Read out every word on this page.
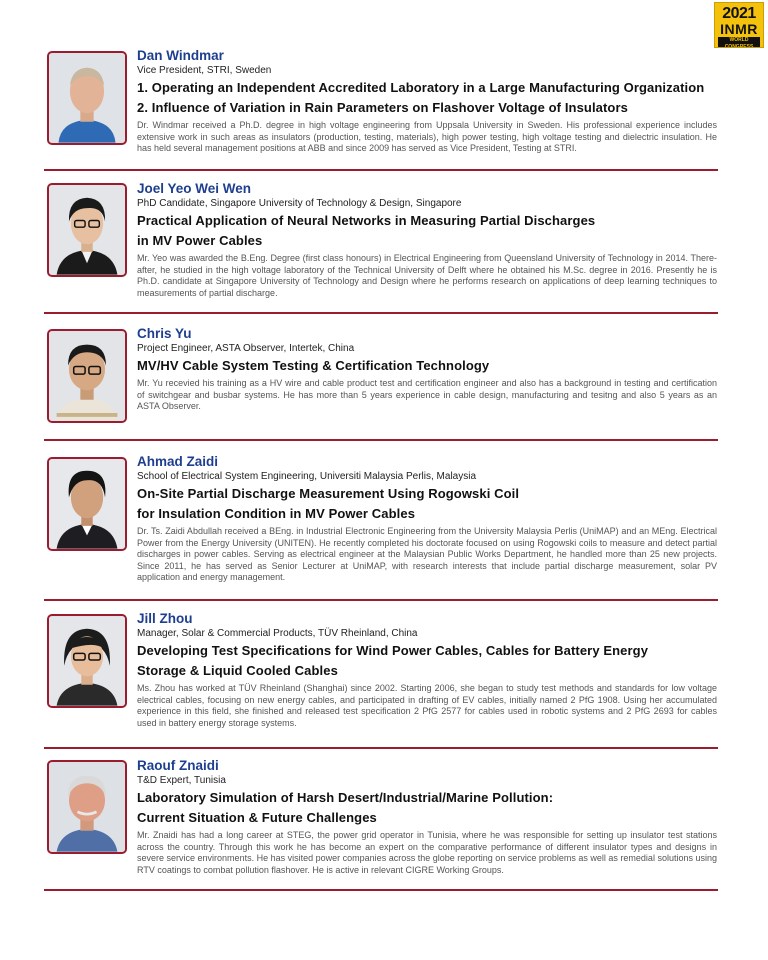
2021
INMR
WORLD CONGRESS
Dan Windmar
Vice President, STRI, Sweden
1. Operating an Independent Accredited Laboratory in a Large Manufacturing Organization
2. Influence of Variation in Rain Parameters on Flashover Voltage of Insulators
Dr. Windmar received a Ph.D. degree in high voltage engineering from Uppsala University in Sweden. His professional experience includes extensive work in such areas as insulators (production, testing, materials), high power testing, high voltage testing and dielectric insulation. He has held several management positions at ABB and since 2009 has served as Vice President, Testing at STRI.
Joel Yeo Wei Wen
PhD Candidate, Singapore University of Technology & Design, Singapore
Practical Application of Neural Networks in Measuring Partial Discharges
in MV Power Cables
Mr. Yeo was awarded the B.Eng. Degree (first class honours) in Electrical Engineering from Queensland University of Technology in 2014. There-after, he studied in the high voltage laboratory of the Technical University of Delft where he obtained his M.Sc. degree in 2016. Presently he is Ph.D. candidate at Singapore University of Technology and Design where he performs research on applications of deep learning techniques to measurements of partial discharge.
Chris Yu
Project Engineer, ASTA Observer, Intertek, China
MV/HV Cable System Testing & Certification Technology
Mr. Yu recevied his training as a HV wire and cable product test and certification engineer and also has a background in testing and certification of switchgear and busbar systems. He has more than 5 years experience in cable design, manufacturing and tesitng and also 5 years as an ASTA Observer.
Ahmad Zaidi
School of Electrical System Engineering, Universiti Malaysia Perlis, Malaysia
On-Site Partial Discharge Measurement Using Rogowski Coil
for Insulation Condition in MV Power Cables
Dr. Ts. Zaidi Abdullah received a BEng. in Industrial Electronic Engineering from the University Malaysia Perlis (UniMAP) and an MEng. Electrical Power from the Energy University (UNITEN). He recently completed his doctorate focused on using Rogowski coils to measure and detect partial discharges in power cables. Serving as electrical engineer at the Malaysian Public Works Department, he handled more than 25 new projects. Since 2011, he has served as Senior Lecturer at UniMAP, with research interests that include partial discharge measurement, solar PV application and energy management.
Jill Zhou
Manager, Solar & Commercial Products, TÜV Rheinland, China
Developing Test Specifications for Wind Power Cables, Cables for Battery Energy
Storage & Liquid Cooled Cables
Ms. Zhou has worked at TÜV Rheinland (Shanghai) since 2002. Starting 2006, she began to study test methods and standards for low voltage electrical cables, focusing on new energy cables, and participated in drafting of EV cables, initially named 2 PfG 1908. Using her accumulated experience in this field, she finished and released test specification 2 PfG 2577 for cables used in robotic systems and 2 PfG 2693 for cables used in battery energy storage systems.
Raouf Znaidi
T&D Expert, Tunisia
Laboratory Simulation of Harsh Desert/Industrial/Marine Pollution:
Current Situation & Future Challenges
Mr. Znaidi has had a long career at STEG, the power grid operator in Tunisia, where he was responsible for setting up insulator test stations across the country. Through this work he has become an expert on the comparative performance of different insulator types and designs in severe service environments. He has visited power companies across the globe reporting on service problems as well as remedial solutions using RTV coatings to combat pollution flashover. He is active in relevant CIGRE Working Groups.
